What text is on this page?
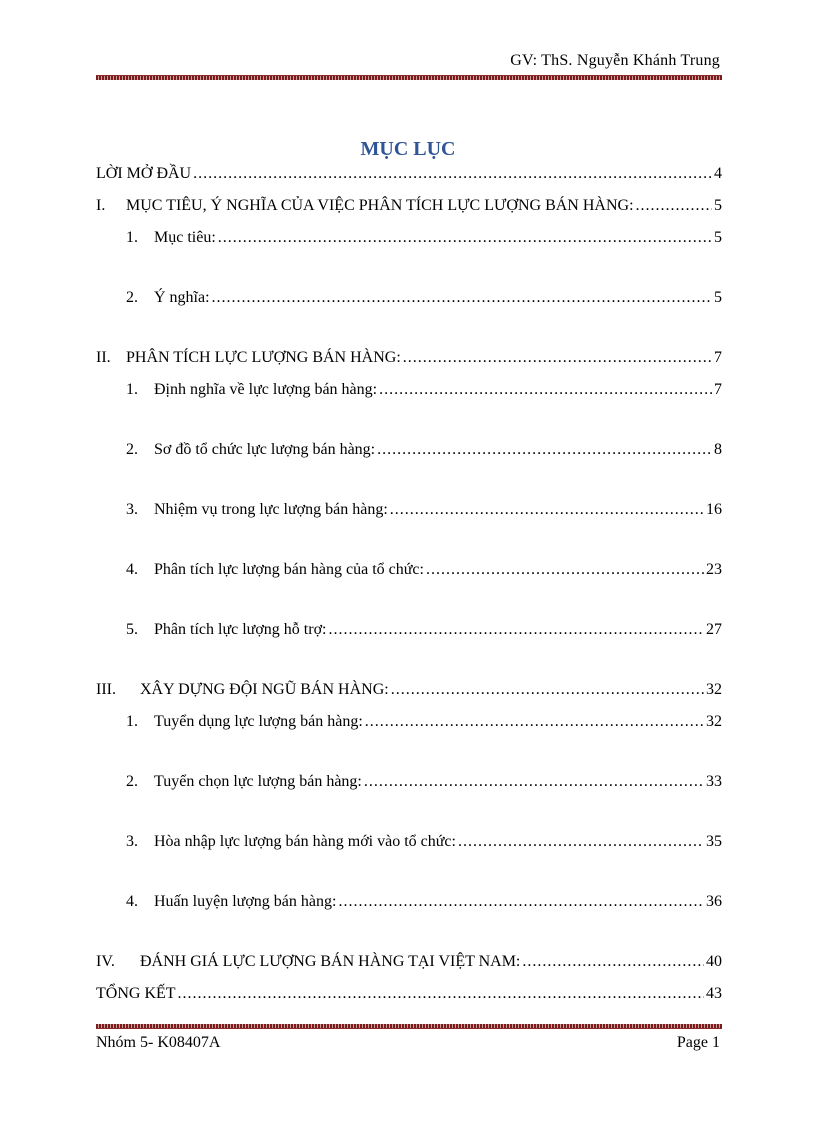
GV: ThS. Nguyễn Khánh Trung
MỤC LỤC
LỜI MỞ ĐẦU .....	4
I.	MỤC TIÊU, Ý NGHĨA CỦA VIỆC PHÂN TÍCH LỰC LƯỢNG BÁN HÀNG: .....	5
1.	Mục tiêu: .....	5
2.	Ý nghĩa: .....	5
II. PHÂN TÍCH LỰC LƯỢNG BÁN HÀNG: .....	7
1.	Định nghĩa về lực lượng bán hàng: .....	7
2.	Sơ đồ tổ chức lực lượng bán hàng: .....	8
3.	Nhiệm vụ trong lực lượng bán hàng: .....	16
4.	Phân tích lực lượng bán hàng của tổ chức: .....	23
5.	Phân tích lực lượng hỗ trợ: .....	27
III.	XÂY DỰNG ĐỘI NGŨ BÁN HÀNG: .....	32
1.	Tuyển dụng lực lượng bán hàng: .....	32
2.	Tuyển chọn lực lượng bán hàng: .....	33
3.	Hòa nhập lực lượng bán hàng mới vào tổ chức: .....	35
4.	Huấn luyện lượng bán hàng: .....	36
IV.	ĐÁNH GIÁ LỰC LƯỢNG BÁN HÀNG TẠI VIỆT NAM: .....	40
TỔNG KẾT .....	43
Nhóm 5- K08407A	Page 1
